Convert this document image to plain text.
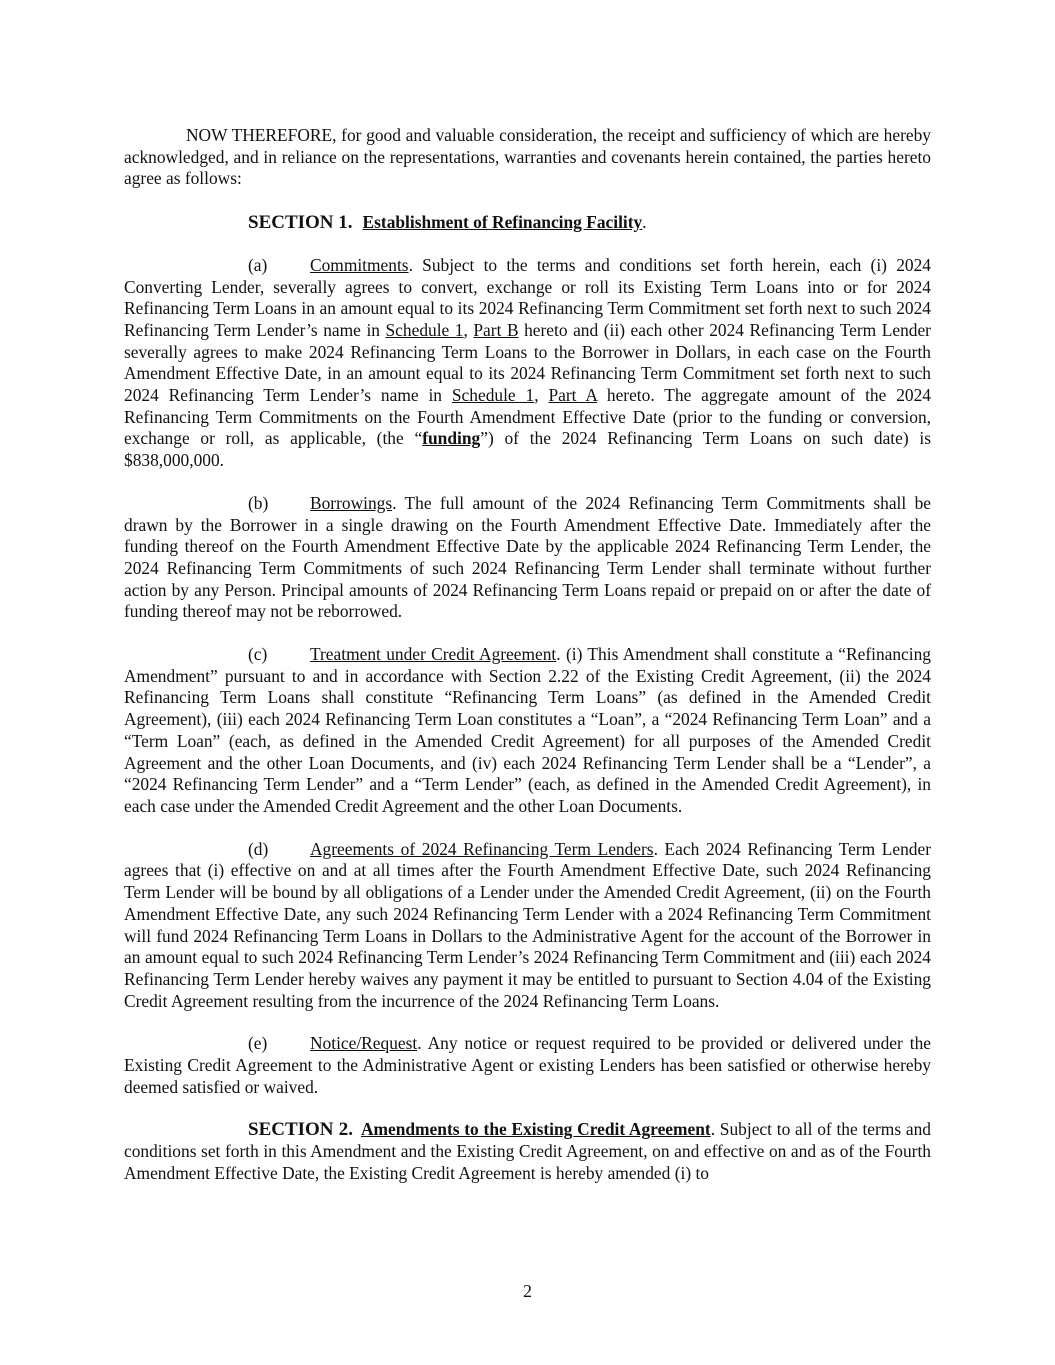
NOW THEREFORE, for good and valuable consideration, the receipt and sufficiency of which are hereby acknowledged, and in reliance on the representations, warranties and covenants herein contained, the parties hereto agree as follows:

SECTION 1. Establishment of Refinancing Facility.

(a) Commitments. Subject to the terms and conditions set forth herein, each (i) 2024 Converting Lender, severally agrees to convert, exchange or roll its Existing Term Loans into or for 2024 Refinancing Term Loans in an amount equal to its 2024 Refinancing Term Commitment set forth next to such 2024 Refinancing Term Lender’s name in Schedule 1, Part B hereto and (ii) each other 2024 Refinancing Term Lender severally agrees to make 2024 Refinancing Term Loans to the Borrower in Dollars, in each case on the Fourth Amendment Effective Date, in an amount equal to its 2024 Refinancing Term Commitment set forth next to such 2024 Refinancing Term Lender’s name in Schedule 1, Part A hereto. The aggregate amount of the 2024 Refinancing Term Commitments on the Fourth Amendment Effective Date (prior to the funding or conversion, exchange or roll, as applicable, (the “funding”) of the 2024 Refinancing Term Loans on such date) is $838,000,000.

(b) Borrowings. The full amount of the 2024 Refinancing Term Commitments shall be drawn by the Borrower in a single drawing on the Fourth Amendment Effective Date. Immediately after the funding thereof on the Fourth Amendment Effective Date by the applicable 2024 Refinancing Term Lender, the 2024 Refinancing Term Commitments of such 2024 Refinancing Term Lender shall terminate without further action by any Person. Principal amounts of 2024 Refinancing Term Loans repaid or prepaid on or after the date of funding thereof may not be reborrowed.

(c) Treatment under Credit Agreement. (i) This Amendment shall constitute a “Refinancing Amendment” pursuant to and in accordance with Section 2.22 of the Existing Credit Agreement, (ii) the 2024 Refinancing Term Loans shall constitute “Refinancing Term Loans” (as defined in the Amended Credit Agreement), (iii) each 2024 Refinancing Term Loan constitutes a “Loan”, a “2024 Refinancing Term Loan” and a “Term Loan” (each, as defined in the Amended Credit Agreement) for all purposes of the Amended Credit Agreement and the other Loan Documents, and (iv) each 2024 Refinancing Term Lender shall be a “Lender”, a “2024 Refinancing Term Lender” and a “Term Lender” (each, as defined in the Amended Credit Agreement), in each case under the Amended Credit Agreement and the other Loan Documents.

(d) Agreements of 2024 Refinancing Term Lenders. Each 2024 Refinancing Term Lender agrees that (i) effective on and at all times after the Fourth Amendment Effective Date, such 2024 Refinancing Term Lender will be bound by all obligations of a Lender under the Amended Credit Agreement, (ii) on the Fourth Amendment Effective Date, any such 2024 Refinancing Term Lender with a 2024 Refinancing Term Commitment will fund 2024 Refinancing Term Loans in Dollars to the Administrative Agent for the account of the Borrower in an amount equal to such 2024 Refinancing Term Lender’s 2024 Refinancing Term Commitment and (iii) each 2024 Refinancing Term Lender hereby waives any payment it may be entitled to pursuant to Section 4.04 of the Existing Credit Agreement resulting from the incurrence of the 2024 Refinancing Term Loans.

(e) Notice/Request. Any notice or request required to be provided or delivered under the Existing Credit Agreement to the Administrative Agent or existing Lenders has been satisfied or otherwise hereby deemed satisfied or waived.

SECTION 2. Amendments to the Existing Credit Agreement. Subject to all of the terms and conditions set forth in this Amendment and the Existing Credit Agreement, on and effective on and as of the Fourth Amendment Effective Date, the Existing Credit Agreement is hereby amended (i) to

2
